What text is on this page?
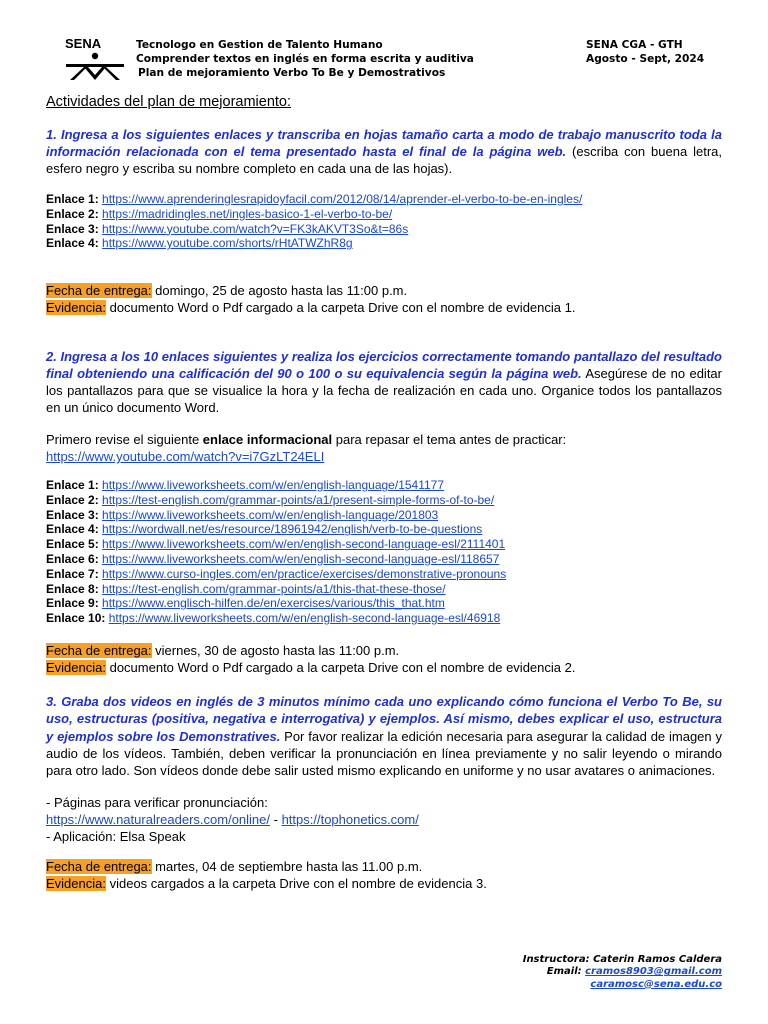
SENA	Tecnologo en Gestion de Talento Humano
Comprender textos en inglés en forma escrita y auditiva
Plan de mejoramiento Verbo To Be y Demostrativos
SENA CGA - GTH
Agosto - Sept, 2024
Actividades del plan de mejoramiento:
1. Ingresa a los siguientes enlaces y transcriba en hojas tamaño carta a modo de trabajo manuscrito toda la información relacionada con el tema presentado hasta el final de la página web. (escriba con buena letra, esfero negro y escriba su nombre completo en cada una de las hojas).
Enlace 1: https://www.aprenderinglesrapidoyfacil.com/2012/08/14/aprender-el-verbo-to-be-en-ingles/
Enlace 2: https://madridingles.net/ingles-basico-1-el-verbo-to-be/
Enlace 3: https://www.youtube.com/watch?v=FK3kAKVT3So&t=86s
Enlace 4: https://www.youtube.com/shorts/rHtATWZhR8g
Fecha de entrega: domingo, 25 de agosto hasta las 11:00 p.m.
Evidencia: documento Word o Pdf cargado a la carpeta Drive con el nombre de evidencia 1.
2. Ingresa a los 10 enlaces siguientes y realiza los ejercicios correctamente tomando pantallazo del resultado final obteniendo una calificación del 90 o 100 o su equivalencia según la página web. Asegúrese de no editar los pantallazos para que se visualice la hora y la fecha de realización en cada uno. Organice todos los pantallazos en un único documento Word.
Primero revise el siguiente enlace informacional para repasar el tema antes de practicar:
https://www.youtube.com/watch?v=i7GzLT24ELI
Enlace 1: https://www.liveworksheets.com/w/en/english-language/1541177
Enlace 2: https://test-english.com/grammar-points/a1/present-simple-forms-of-to-be/
Enlace 3: https://www.liveworksheets.com/w/en/english-language/201803
Enlace 4: https://wordwall.net/es/resource/18961942/english/verb-to-be-questions
Enlace 5: https://www.liveworksheets.com/w/en/english-second-language-esl/2111401
Enlace 6: https://www.liveworksheets.com/w/en/english-second-language-esl/118657
Enlace 7: https://www.curso-ingles.com/en/practice/exercises/demonstrative-pronouns
Enlace 8: https://test-english.com/grammar-points/a1/this-that-these-those/
Enlace 9: https://www.englisch-hilfen.de/en/exercises/various/this_that.htm
Enlace 10: https://www.liveworksheets.com/w/en/english-second-language-esl/46918
Fecha de entrega: viernes, 30 de agosto hasta las 11:00 p.m.
Evidencia: documento Word o Pdf cargado a la carpeta Drive con el nombre de evidencia 2.
3. Graba dos videos en inglés de 3 minutos mínimo cada uno explicando cómo funciona el Verbo To Be, su uso, estructuras (positiva, negativa e interrogativa) y ejemplos. Así mismo, debes explicar el uso, estructura y ejemplos sobre los Demonstratives. Por favor realizar la edición necesaria para asegurar la calidad de imagen y audio de los vídeos. También, deben verificar la pronunciación en línea previamente y no salir leyendo o mirando para otro lado. Son vídeos donde debe salir usted mismo explicando en uniforme y no usar avatares o animaciones.
- Páginas para verificar pronunciación:
https://www.naturalreaders.com/online/ - https://tophonetics.com/
- Aplicación: Elsa Speak
Fecha de entrega: martes, 04 de septiembre hasta las 11.00 p.m.
Evidencia: videos cargados a la carpeta Drive con el nombre de evidencia 3.
Instructora: Caterin Ramos Caldera
Email: cramos8903@gmail.com
caramosc@sena.edu.co
